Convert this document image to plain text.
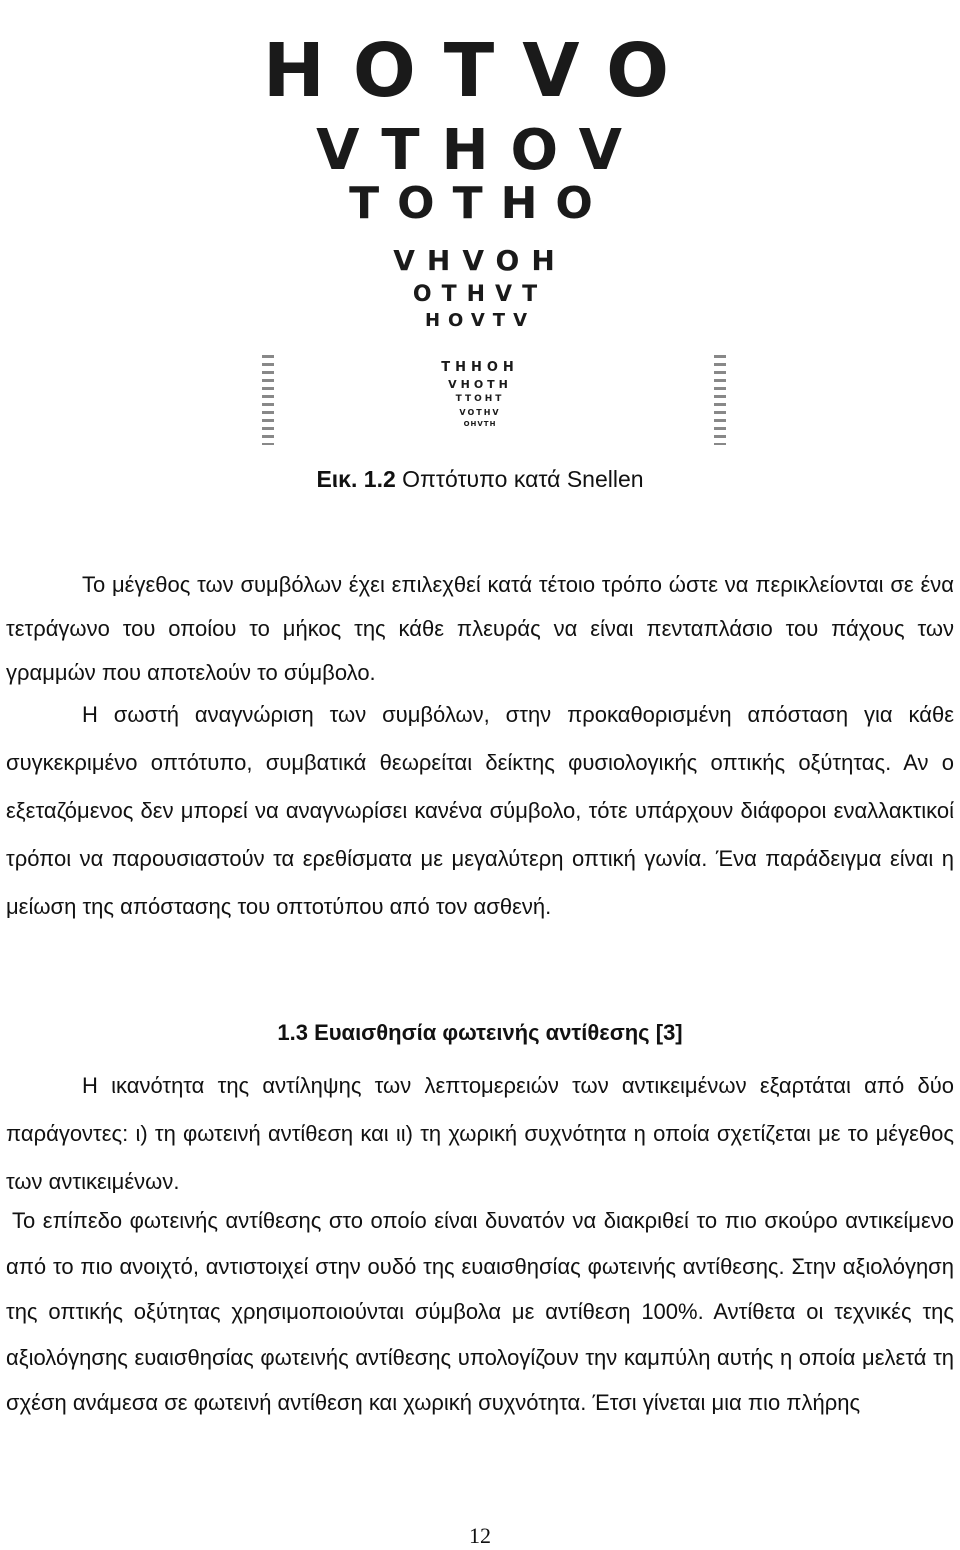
HOTVO
VTHOV
TOTHO
VHVOH
OTHVT
HOVTV
THHOH
VHOTH
TTOHT
VOTHV
OHVTH
Εικ. 1.2 Οπτότυπο κατά Snellen
Το μέγεθος των συμβόλων έχει επιλεχθεί κατά τέτοιο τρόπο ώστε να περικλείονται σε ένα τετράγωνο του οποίου το μήκος της κάθε πλευράς να είναι πενταπλάσιο του πάχους των γραμμών που αποτελούν το σύμβολο.
Η σωστή αναγνώριση των συμβόλων, στην προκαθορισμένη απόσταση για κάθε συγκεκριμένο οπτότυπο, συμβατικά θεωρείται δείκτης φυσιολογικής οπτικής οξύτητας. Αν ο εξεταζόμενος δεν μπορεί να αναγνωρίσει κανένα σύμβολο, τότε υπάρχουν διάφοροι εναλλακτικοί τρόποι να παρουσιαστούν τα ερεθίσματα με μεγαλύτερη οπτική γωνία. Ένα παράδειγμα είναι η μείωση της απόστασης του οπτοτύπου από τον ασθενή.
1.3 Ευαισθησία φωτεινής αντίθεσης [3]
Η ικανότητα της αντίληψης των λεπτομερειών των αντικειμένων εξαρτάται από δύο παράγοντες: ι) τη φωτεινή αντίθεση και ιι) τη χωρική συχνότητα η οποία σχετίζεται με το μέγεθος των αντικειμένων.
Το επίπεδο φωτεινής αντίθεσης στο οποίο είναι δυνατόν να διακριθεί το πιο σκούρο αντικείμενο από το πιο ανοιχτό, αντιστοιχεί στην ουδό της ευαισθησίας φωτεινής αντίθεσης. Στην αξιολόγηση της οπτικής οξύτητας χρησιμοποιούνται σύμβολα με αντίθεση 100%. Αντίθετα οι τεχνικές της αξιολόγησης ευαισθησίας φωτεινής αντίθεσης υπολογίζουν την καμπύλη αυτής η οποία μελετά τη σχέση ανάμεσα σε φωτεινή αντίθεση και χωρική συχνότητα. Έτσι γίνεται μια πιο πλήρης
12
